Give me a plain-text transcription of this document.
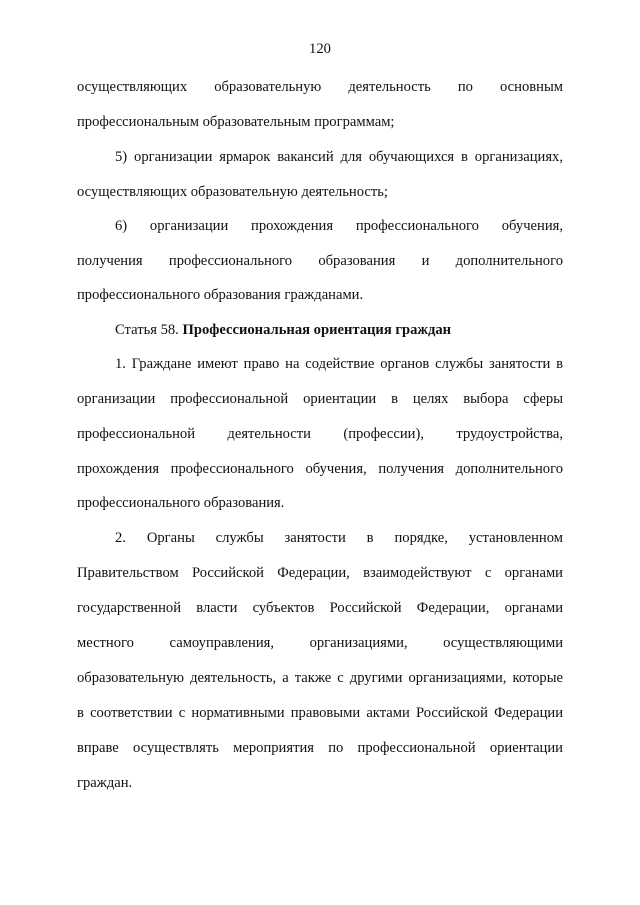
120
осуществляющих образовательную деятельность по основным
профессиональным образовательным программам;
5) организации ярмарок вакансий для обучающихся в организациях,
осуществляющих образовательную деятельность;
6) организации прохождения профессионального обучения,
получения профессионального образования и дополнительного
профессионального образования гражданами.
Статья 58. Профессиональная ориентация граждан
1. Граждане имеют право на содействие органов службы занятости в
организации профессиональной ориентации в целях выбора сферы
профессиональной деятельности (профессии), трудоустройства,
прохождения профессионального обучения, получения дополнительного
профессионального образования.
2. Органы службы занятости в порядке, установленном
Правительством Российской Федерации, взаимодействуют с органами
государственной власти субъектов Российской Федерации, органами
местного самоуправления, организациями, осуществляющими
образовательную деятельность, а также с другими организациями, которые
в соответствии с нормативными правовыми актами Российской Федерации
вправе осуществлять мероприятия по профессиональной ориентации
граждан.
